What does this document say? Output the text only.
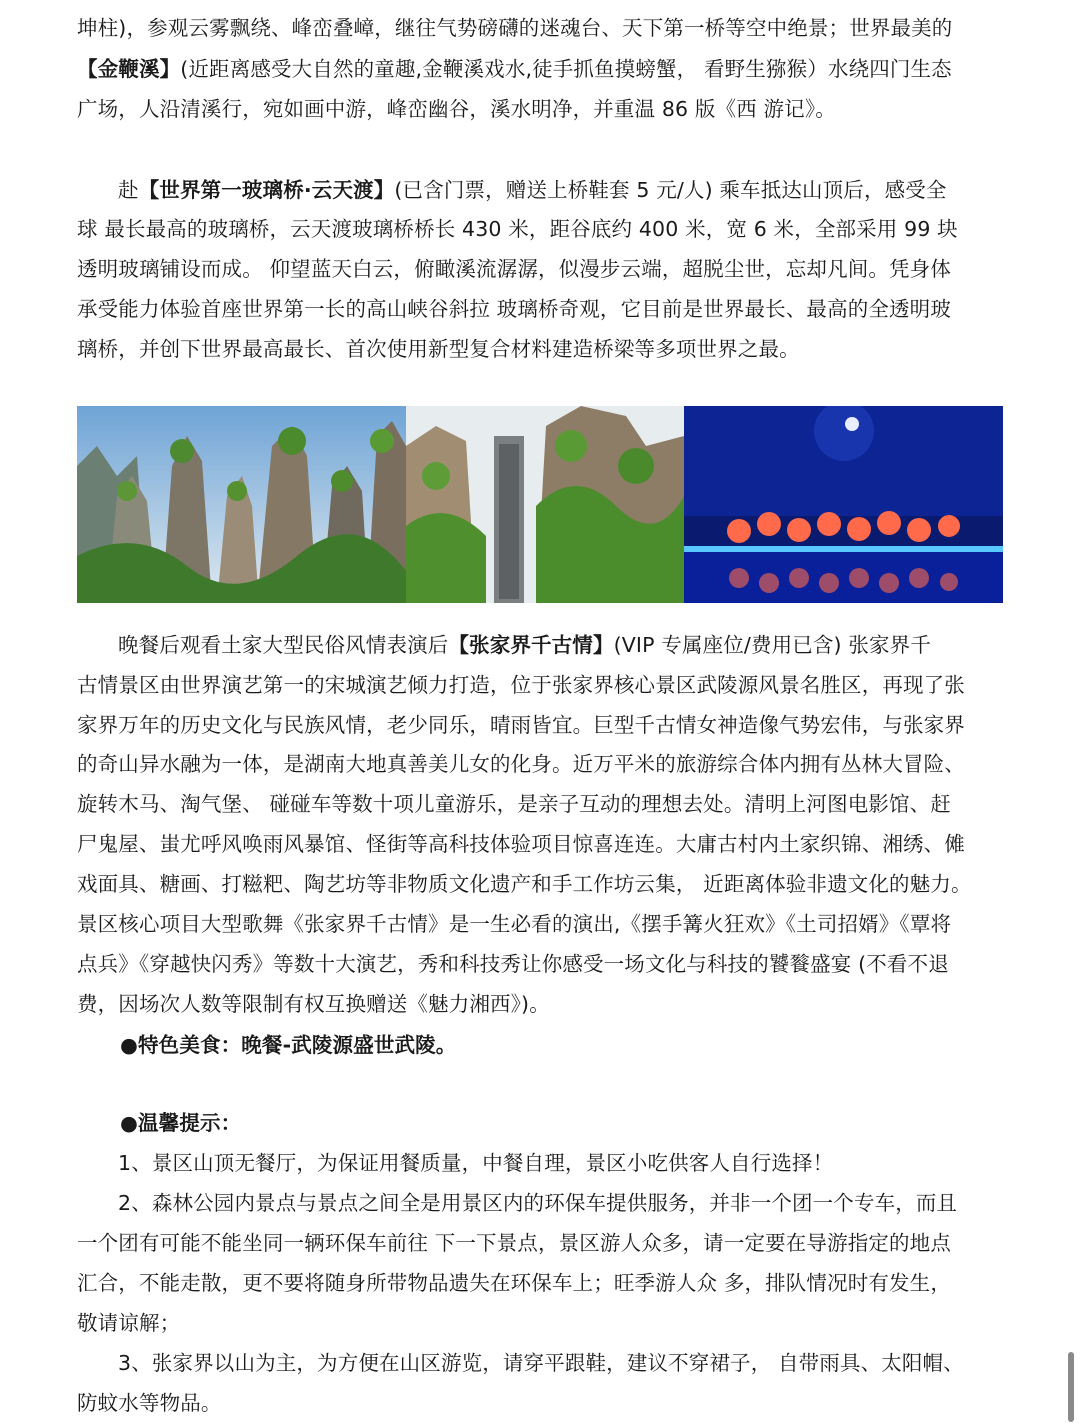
坤柱)，参观云雾飘绕、峰峦叠嶂，继往气势磅礴的迷魂台、天下第一桥等空中绝景；世界最美的
【金鞭溪】(近距离感受大自然的童趣,金鞭溪戏水,徒手抓鱼摸螃蟹， 看野生猕猴）水绕四门生态
广场，人沿清溪行，宛如画中游，峰峦幽谷，溪水明净，并重温 86 版《西 游记》。
赴【世界第一玻璃桥·云天渡】(已含门票，赠送上桥鞋套 5 元/人) 乘车抵达山顶后，感受全
球 最长最高的玻璃桥，云天渡玻璃桥桥长 430 米，距谷底约 400 米，宽 6 米，全部采用 99 块
透明玻璃铺设而成。 仰望蓝天白云，俯瞰溪流潺潺，似漫步云端，超脱尘世，忘却凡间。凭身体
承受能力体验首座世界第一长的高山峡谷斜拉 玻璃桥奇观，它目前是世界最长、最高的全透明玻
璃桥，并创下世界最高最长、首次使用新型复合材料建造桥梁等多项世界之最。
晚餐后观看土家大型民俗风情表演后【张家界千古情】(VIP 专属座位/费用已含) 张家界千
古情景区由世界演艺第一的宋城演艺倾力打造，位于张家界核心景区武陵源风景名胜区，再现了张
家界万年的历史文化与民族风情，老少同乐，晴雨皆宜。巨型千古情女神造像气势宏伟，与张家界
的奇山异水融为一体，是湖南大地真善美儿女的化身。近万平米的旅游综合体内拥有丛林大冒险、
旋转木马、淘气堡、 碰碰车等数十项儿童游乐，是亲子互动的理想去处。清明上河图电影馆、赶
尸鬼屋、蚩尤呼风唤雨风暴馆、怪街等高科技体验项目惊喜连连。大庸古村内土家织锦、湘绣、傩
戏面具、糖画、打糍粑、陶艺坊等非物质文化遗产和手工作坊云集， 近距离体验非遗文化的魅力。
景区核心项目大型歌舞《张家界千古情》是一生必看的演出,《摆手篝火狂欢》《土司招婿》《覃将
点兵》《穿越快闪秀》等数十大演艺，秀和科技秀让你感受一场文化与科技的饕餮盛宴 (不看不退
费，因场次人数等限制有权互换赠送《魅力湘西》)。
●特色美食：晚餐-武陵源盛世武陵。
●温馨提示：
1、景区山顶无餐厅，为保证用餐质量，中餐自理，景区小吃供客人自行选择！
2、森林公园内景点与景点之间全是用景区内的环保车提供服务，并非一个团一个专车，而且
一个团有可能不能坐同一辆环保车前往 下一下景点，景区游人众多，请一定要在导游指定的地点
汇合，不能走散，更不要将随身所带物品遗失在环保车上；旺季游人众 多，排队情况时有发生，
敬请谅解；
3、张家界以山为主，为方便在山区游览，请穿平跟鞋，建议不穿裙子， 自带雨具、太阳帽、
防蚊水等物品。
